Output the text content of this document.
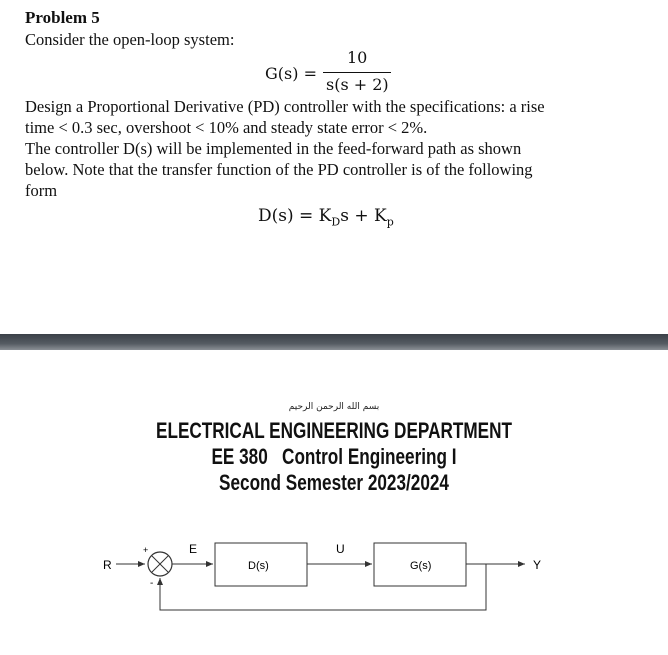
Problem 5
Consider the open-loop system:
G(s) =
10
s(s + 2)
Design a Proportional Derivative (PD) controller with the specifications: a rise
time < 0.3 sec, overshoot < 10% and steady state error < 2%.
The controller D(s) will be implemented in the feed-forward path as shown
below. Note that the transfer function of the PD controller is of the following
form
$D(s) = K_Ds + K_p$
بسم الله الرحمن الرحيم
ELECTRICAL ENGINEERING DEPARTMENT
EE 380   Control Engineering I
Second Semester 2023/2024
R
+
-
E
D(s)
U
G(s)	Y
